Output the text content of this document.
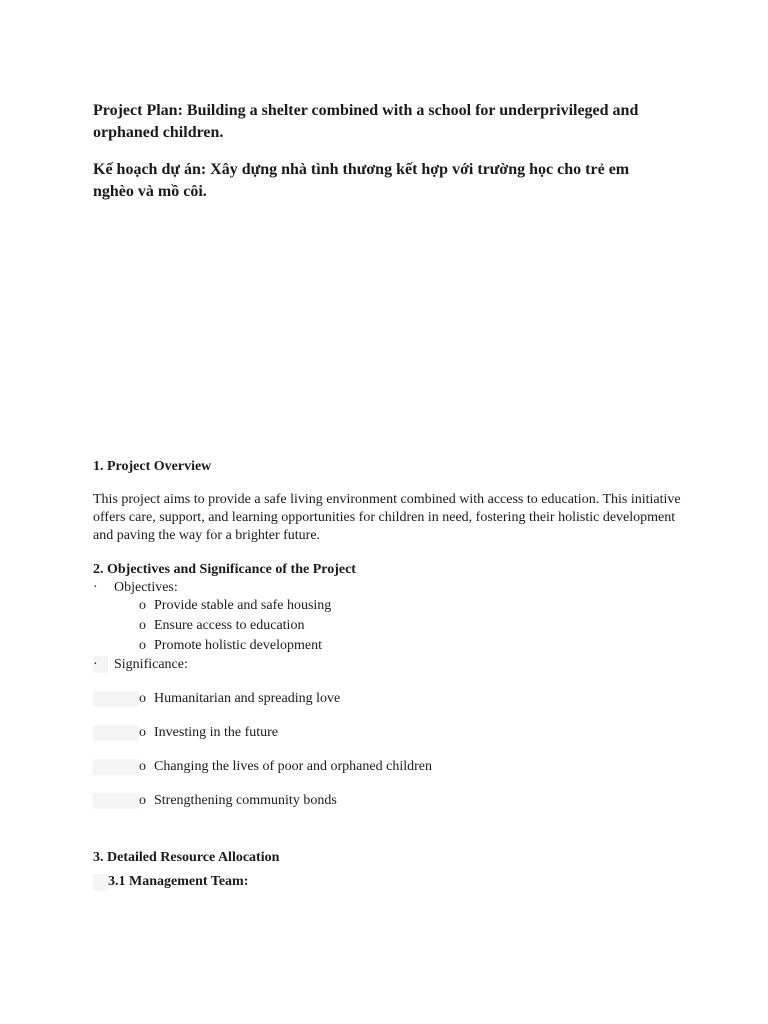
Project Plan: Building a shelter combined with a school for underprivileged and orphaned children.
Kế hoạch dự án: Xây dựng nhà tình thương kết hợp với trường học cho trẻ em nghèo và mồ côi.
1. Project Overview

This project aims to provide a safe living environment combined with access to education. This initiative offers care, support, and learning opportunities for children in need, fostering their holistic development and paving the way for a brighter future.

2. Objectives and Significance of the Project
· Objectives:
o Provide stable and safe housing
o Ensure access to education
o Promote holistic development
· Significance:
o Humanitarian and spreading love
o Investing in the future
o Changing the lives of poor and orphaned children
o Strengthening community bonds
3. Detailed Resource Allocation
3.1 Management Team:
